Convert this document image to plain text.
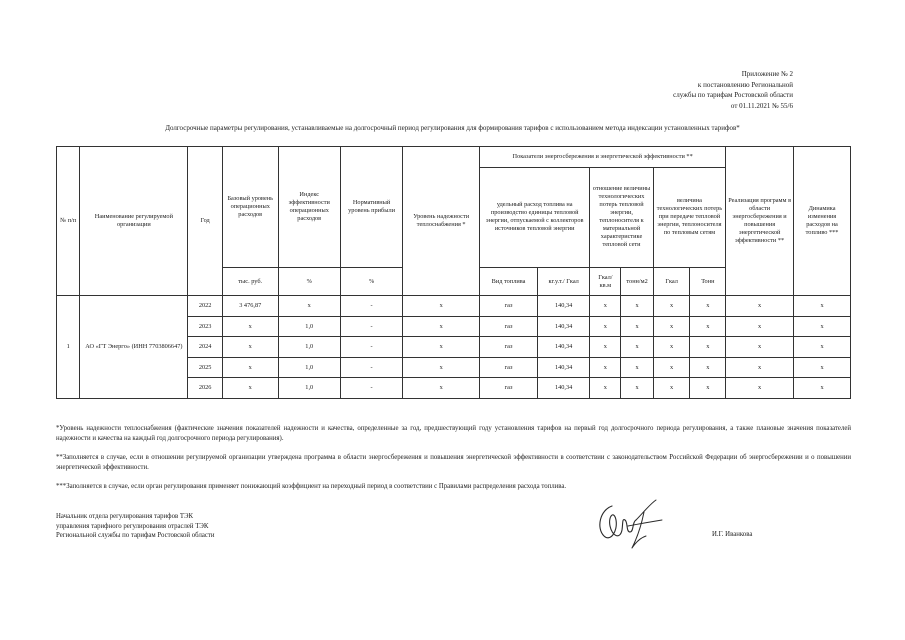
Приложение № 2
к постановлению Региональной
службы по тарифам Ростовской области
от 01.11.2021 № 55/6
Долгосрочные параметры регулирования, устанавливаемые на долгосрочный период регулирования для формирования тарифов с использованием метода индексации установленных тарифов*
№ п/п	Наименование регулируемой организации	Год	Базовый уровень операционных расходов	Индекс эффективности операционных расходов	Нормативный уровень прибыли	Уровень надежности теплоснабжения *	Показатели энергосбережения и энергетической эффективности **						Реализация программ в области энергосбережения и повышения энергетической эффективности **	Динамика изменения расходов на топливо ***
							удельный расход топлива на производство единицы тепловой энергии, отпускаемой с коллекторов источников тепловой энергии		отношение величины технологических потерь тепловой энергии, теплоносителя к материальной характеристике тепловой сети		величина технологических потерь при передаче тепловой энергии, теплоносителя по тепловым сетям			
			тыс. руб.	%	%		Вид топлива	кг.у.т./ Гкал	Гкал/ кв.м	тонн/м2	Гкал	Тонн		
1	АО «ГТ Энерго» (ИНН 7703806647)	2022	3 476,87	х	-	х	газ	140,34	х	х	х	х	х	х
		2023	х	1,0	-	х	газ	140,34	х	х	х	х	х	х
		2024	х	1,0	-	х	газ	140,34	х	х	х	х	х	х
		2025	х	1,0	-	х	газ	140,34	х	х	х	х	х	х
		2026	х	1,0	-	х	газ	140,34	х	х	х	х	х	х

*Уровень надежности теплоснабжения (фактические значения показателей надежности и качества, определенные за год, предшествующий году установления тарифов на первый год долгосрочного периода регулирования, а также плановые значения показателей надежности и качества на каждый год долгосрочного периода регулирования).

**Заполняется в случае, если в отношении регулируемой организации утверждена программа в области энергосбережения и повышения энергетической эффективности в соответствии с законодательством Российской Федерации об энергосбережении и о повышении энергетической эффективности.

***Заполняется в случае, если орган регулирования применяет понижающий коэффициент на переходный период в соответствии с Правилами распределения расхода топлива.

Начальник отдела регулирования тарифов ТЭК
управления тарифного регулирования отраслей ТЭК
Региональной службы по тарифам Ростовской области	И.Г. Иванкова
